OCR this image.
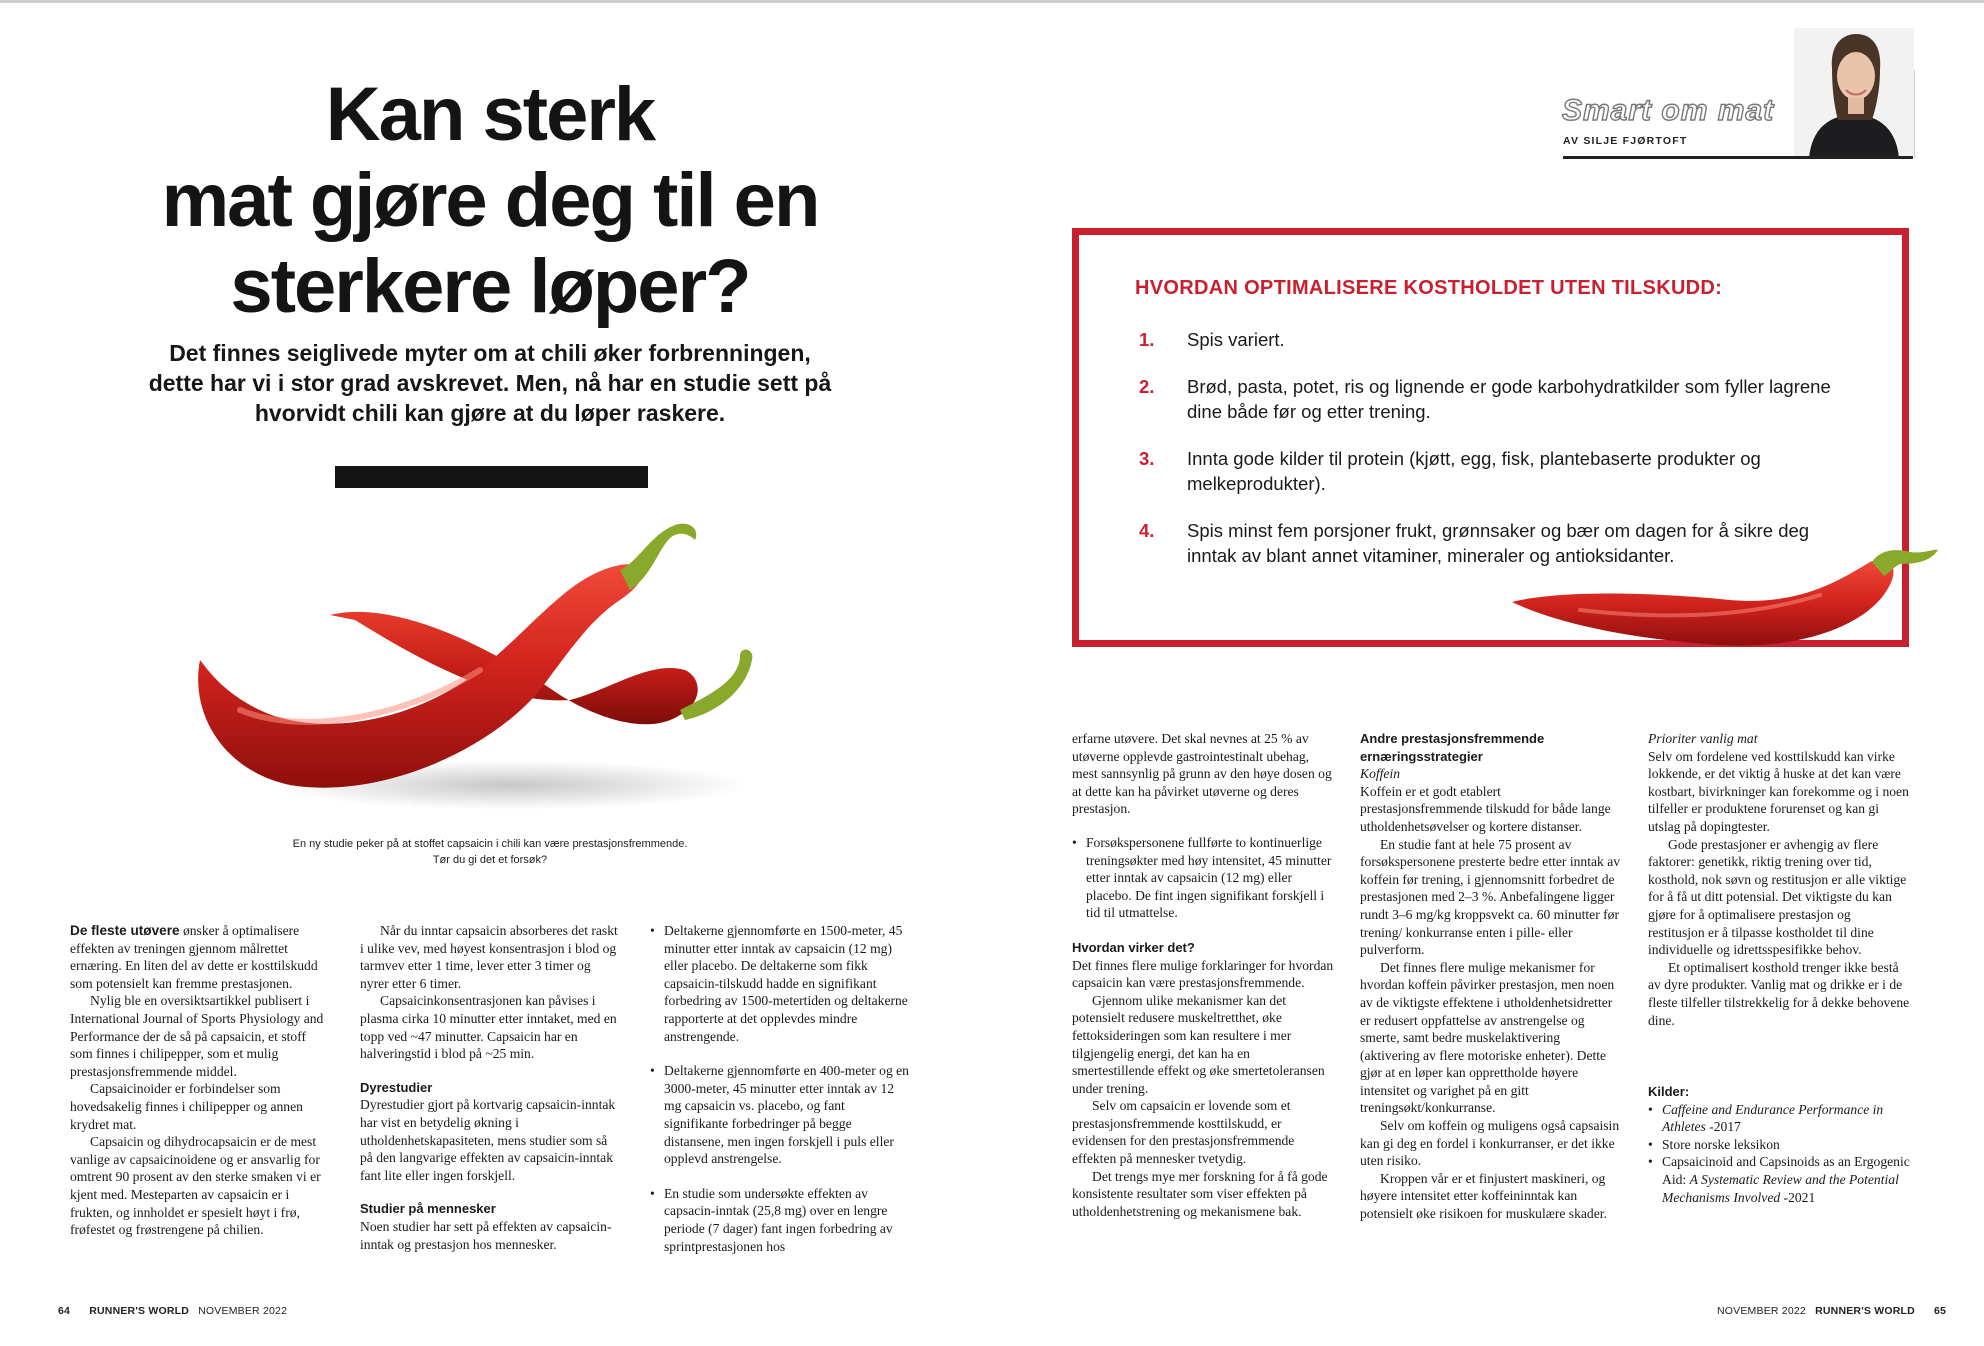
Kan sterk
mat gjøre deg til en
sterkere løper?

Det finnes seiglivede myter om at chili øker forbrenningen, dette har vi i stor grad avskrevet. Men, nå har en studie sett på hvorvidt chili kan gjøre at du løper raskere.

En ny studie peker på at stoffet capsaicin i chili kan være prestasjonsfremmende.
Tør du gi det et forsøk?

De fleste utøvere ønsker å optimalisere effekten av treningen gjennom målrettet ernæring. En liten del av dette er kosttilskudd som potensielt kan fremme prestasjonen.

Nylig ble en oversiktsartikkel publisert i International Journal of Sports Physiology and Performance der de så på capsaicin, et stoff som finnes i chilipepper, som et mulig prestasjonsfremmende middel.

Capsaicinoider er forbindelser som hovedsakelig finnes i chilipepper og annen krydret mat.

Capsaicin og dihydrocapsaicin er de mest vanlige av capsaicinoidene og er ansvarlig for omtrent 90 prosent av den sterke smaken vi er kjent med. Mesteparten av capsaicin er i frukten, og innholdet er spesielt høyt i frø, frøfestet og frøstrengene på chilien.

Når du inntar capsaicin absorberes det raskt i ulike vev, med høyest konsentrasjon i blod og tarmvev etter 1 time, lever etter 3 timer og nyrer etter 6 timer.

Capsaicinkonsentrasjonen kan påvises i plasma cirka 10 minutter etter inntaket, med en topp ved ~47 minutter. Capsaicin har en halveringstid i blod på ~25 min.

Dyrestudier

Dyrestudier gjort på kortvarig capsaicin-inntak har vist en betydelig økning i utholdenhetskapasiteten, mens studier som så på den langvarige effekten av capsaicin-inntak fant lite eller ingen forskjell.

Studier på mennesker

Noen studier har sett på effekten av capsaicin-inntak og prestasjon hos mennesker.

• Deltakerne gjennomførte en 1500-meter, 45 minutter etter inntak av capsaicin (12 mg) eller placebo. De deltakerne som fikk capsaicin-tilskudd hadde en signifikant forbedring av 1500-metertiden og deltakerne rapporterte at det opplevdes mindre anstrengende.
• Deltakerne gjennomførte en 400-meter og en 3000-meter, 45 minutter etter inntak av 12 mg capsaicin vs. placebo, og fant signifikante forbedringer på begge distansene, men ingen forskjell i puls eller opplevd anstrengelse.
• En studie som undersøkte effekten av capsacin-inntak (25,8 mg) over en lengre periode (7 dager) fant ingen forbedring av sprintprestasjonen hos
64 RUNNER'S WORLD NOVEMBER 2022
Smart om mat
AV SILJE FJØRTOFT
HVORDAN OPTIMALISERE KOSTHOLDET UTEN TILSKUDD:
1. Spis variert.
2. Brød, pasta, potet, ris og lignende er gode karbohydratkilder som fyller lagrene dine både før og etter trening.
3. Innta gode kilder til protein (kjøtt, egg, fisk, plantebaserte produkter og melkeprodukter).
4. Spis minst fem porsjoner frukt, grønnsaker og bær om dagen for å sikre deg inntak av blant annet vitaminer, mineraler og antioksidanter.

erfarne utøvere. Det skal nevnes at 25 % av utøverne opplevde gastrointestinalt ubehag, mest sannsynlig på grunn av den høye dosen og at dette kan ha påvirket utøverne og deres prestasjon.

• Forsøkspersonene fullførte to kontinuerlige treningsøkter med høy intensitet, 45 minutter etter inntak av capsaicin (12 mg) eller placebo. De fint ingen signifikant forskjell i tid til utmattelse.
Hvordan virker det?

Det finnes flere mulige forklaringer for hvordan capsaicin kan være prestasjonsfremmende.

Gjennom ulike mekanismer kan det potensielt redusere muskeltretthet, øke fettoksideringen som kan resultere i mer tilgjengelig energi, det kan ha en smertestillende effekt og øke smertetoleransen under trening.

Selv om capsaicin er lovende som et prestasjonsfremmende kosttilskudd, er evidensen for den prestasjonsfremmende effekten på mennesker tvetydig.

Det trengs mye mer forskning for å få gode konsistente resultater som viser effekten på utholdenhetstrening og mekanismene bak.

Andre prestasjonsfremmende ernæringsstrategier
Koffein

Koffein er et godt etablert prestasjonsfremmende tilskudd for både lange utholdenhetsøvelser og kortere distanser.

En studie fant at hele 75 prosent av forsøkspersonene presterte bedre etter inntak av koffein før trening, i gjennomsnitt forbedret de prestasjonen med 2–3 %. Anbefalingene ligger rundt 3–6 mg/kg kroppsvekt ca. 60 minutter før trening/ konkurranse enten i pille- eller pulverform.

Det finnes flere mulige mekanismer for hvordan koffein påvirker prestasjon, men noen av de viktigste effektene i utholdenhetsidretter er redusert oppfattelse av anstrengelse og smerte, samt bedre muskelaktivering (aktivering av flere motoriske enheter). Dette gjør at en løper kan opprettholde høyere intensitet og varighet på en gitt treningsøkt/konkurranse.

Selv om koffein og muligens også capsaisin kan gi deg en fordel i konkurranser, er det ikke uten risiko.

Kroppen vår er et finjustert maskineri, og høyere intensitet etter koffeininntak kan potensielt øke risikoen for muskulære skader.

Prioriter vanlig mat

Selv om fordelene ved kosttilskudd kan virke lokkende, er det viktig å huske at det kan være kostbart, bivirkninger kan forekomme og i noen tilfeller er produktene forurenset og kan gi utslag på dopingtester.

Gode prestasjoner er avhengig av flere faktorer: genetikk, riktig trening over tid, kosthold, nok søvn og restitusjon er alle viktige for å få ut ditt potensial. Det viktigste du kan gjøre for å optimalisere prestasjon og restitusjon er å tilpasse kostholdet til dine individuelle og idrettsspesifikke behov.

Et optimalisert kosthold trenger ikke bestå av dyre produkter. Vanlig mat og drikke er i de fleste tilfeller tilstrekkelig for å dekke behovene dine.

Kilder:
• Caffeine and Endurance Performance in Athletes -2017
• Store norske leksikon
• Capsaicinoid and Capsinoids as an Ergogenic Aid: A Systematic Review and the Potential Mechanisms Involved -2021
NOVEMBER 2022 RUNNER'S WORLD 65
